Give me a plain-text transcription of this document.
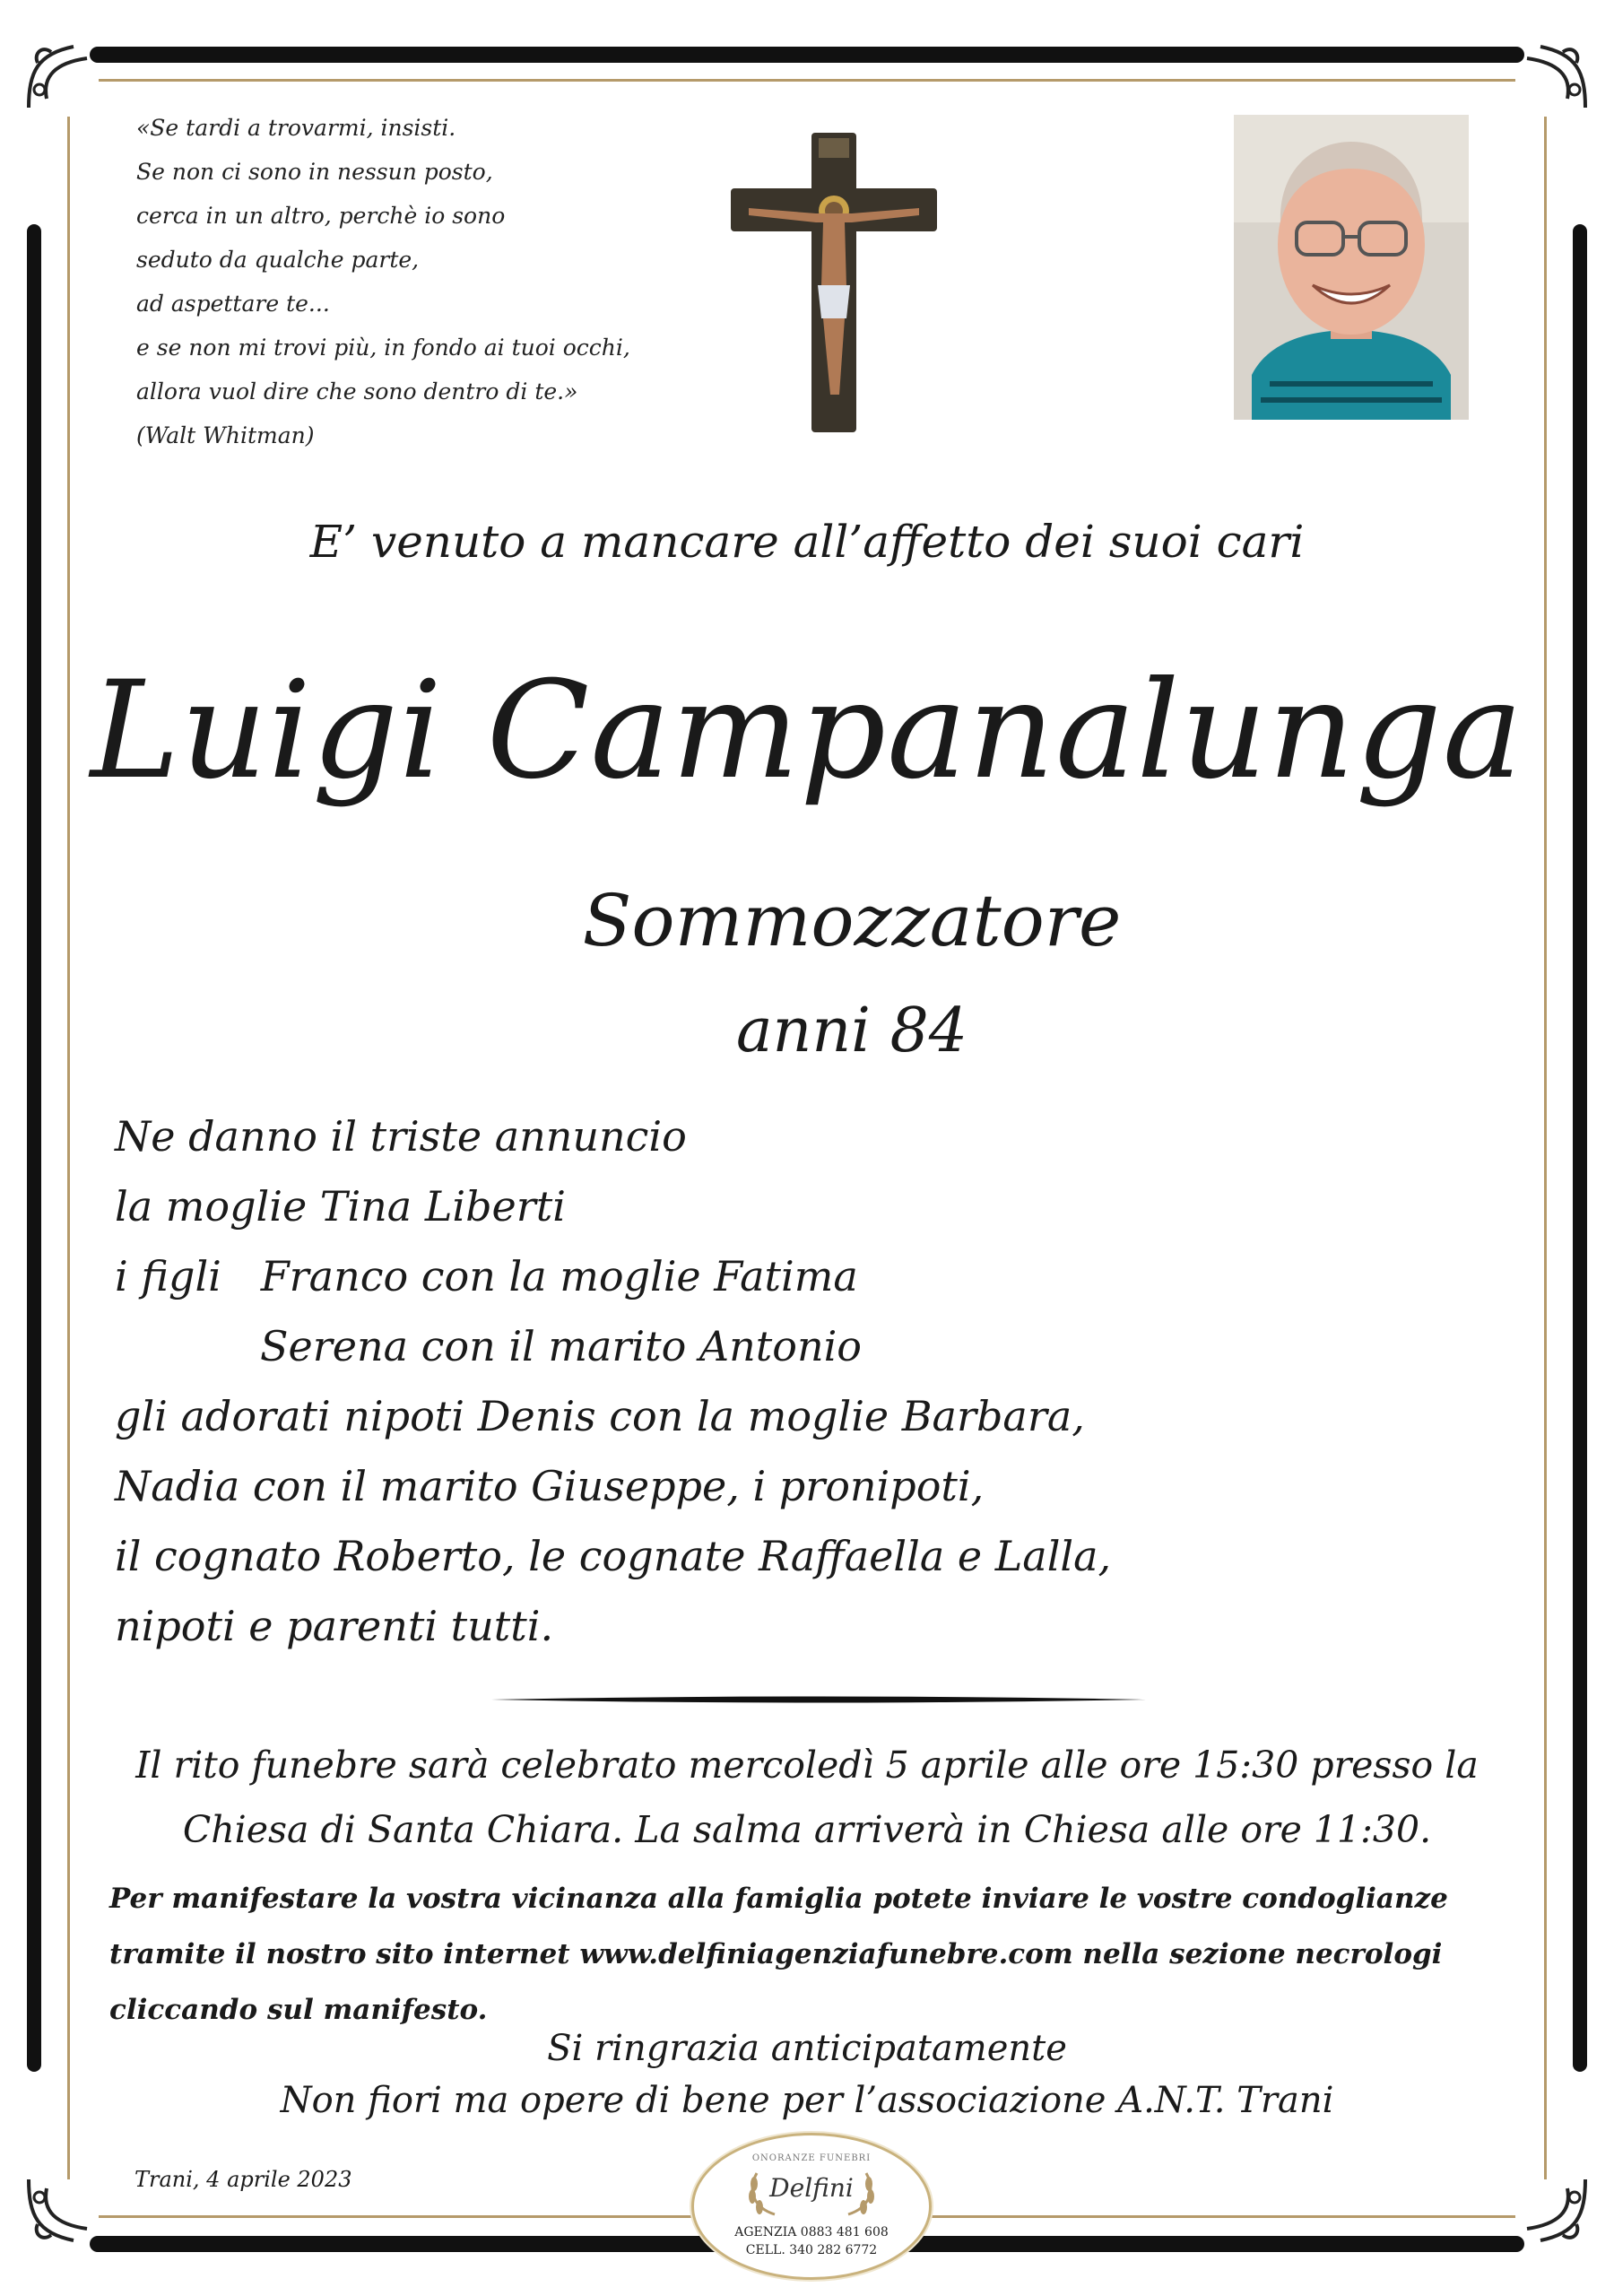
«Se tardi a trovarmi, insisti.
Se non ci sono in nessun posto,
cerca in un altro, perchè io sono
seduto da qualche parte,
ad aspettare te...
e se non mi trovi più, in fondo ai tuoi occhi,
allora vuol dire che sono dentro di te.»
(Walt Whitman)
E’ venuto a mancare all’affetto dei suoi cari
Luigi Campanalunga
Sommozzatore
anni 84
Ne danno il triste annuncio
la moglie Tina Liberti
i figli   Franco con la moglie Fatima
Serena con il marito Antonio
gli adorati nipoti Denis con la moglie Barbara,
Nadia con il marito Giuseppe, i pronipoti,
il cognato Roberto, le cognate Raffaella e Lalla,
nipoti e parenti tutti.
Il rito funebre sarà celebrato mercoledì 5 aprile alle ore 15:30 presso la
Chiesa di Santa Chiara. La salma arriverà in Chiesa alle ore 11:30.
Per manifestare la vostra vicinanza alla famiglia potete inviare le vostre condoglianze
tramite il nostro sito internet www.delfiniagenziafunebre.com nella sezione necrologi
cliccando sul manifesto.
Si ringrazia anticipatamente
Non fiori ma opere di bene per l’associazione A.N.T. Trani
Trani, 4 aprile 2023
ONORANZE FUNEBRI
Delfini
AGENZIA 0883 481 608
CELL. 340 282 6772
